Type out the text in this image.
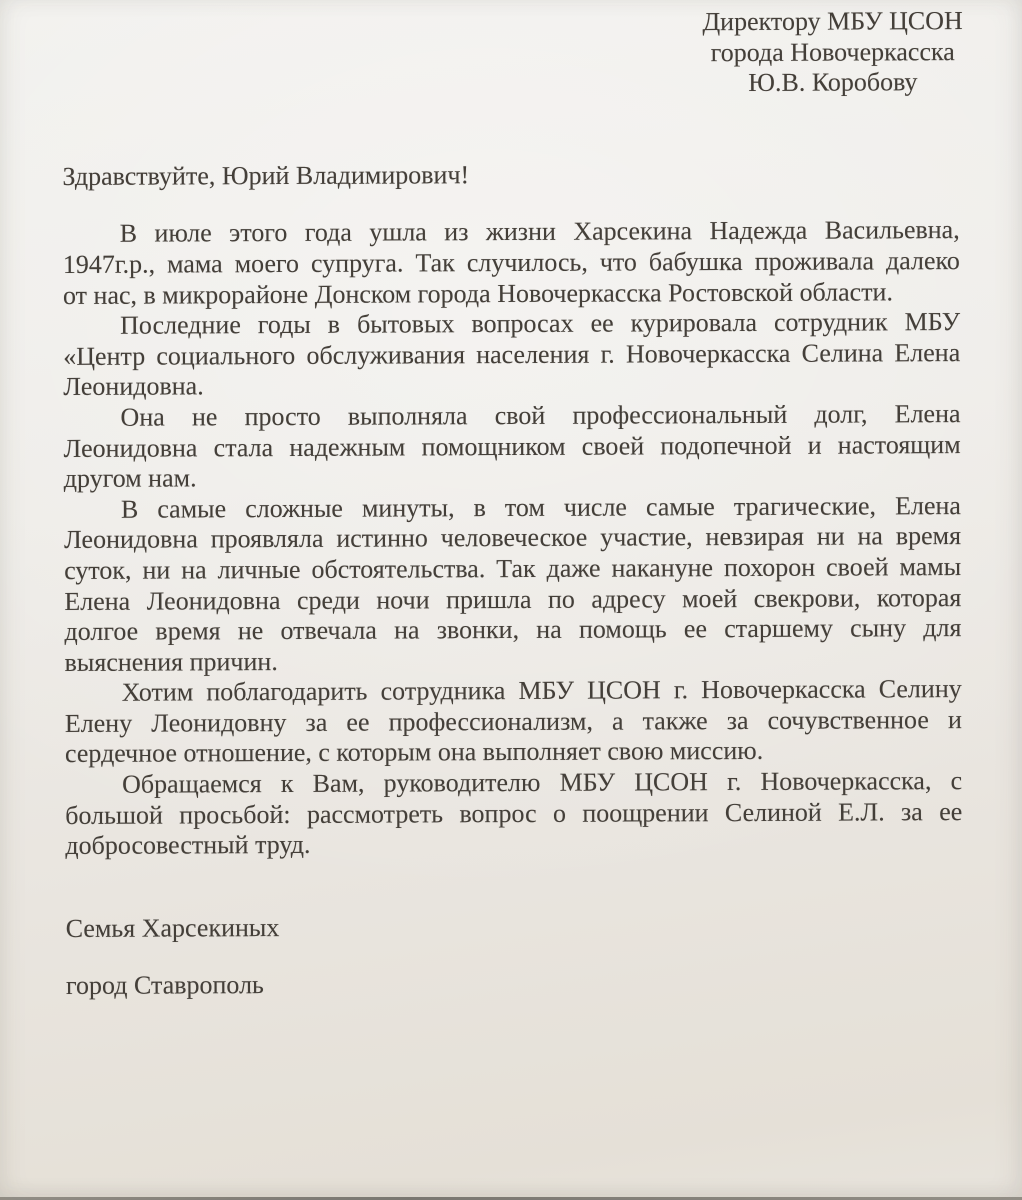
Директору МБУ ЦСОН
города Новочеркасска
Ю.В. Коробову
Здравствуйте, Юрий Владимирович!
В июле этого года ушла из жизни Харсекина Надежда Васильевна,
1947г.р., мама моего супруга. Так случилось, что бабушка проживала далеко
от нас, в микрорайоне Донском города Новочеркасска Ростовской области.
Последние годы в бытовых вопросах ее курировала сотрудник МБУ
«Центр социального обслуживания населения г. Новочеркасска Селина Елена
Леонидовна.
Она не просто выполняла свой профессиональный долг, Елена
Леонидовна стала надежным помощником своей подопечной и настоящим
другом нам.
В самые сложные минуты, в том числе самые трагические, Елена
Леонидовна проявляла истинно человеческое участие, невзирая ни на время
суток, ни на личные обстоятельства. Так даже накануне похорон своей мамы
Елена Леонидовна среди ночи пришла по адресу моей свекрови, которая
долгое время не отвечала на звонки, на помощь ее старшему сыну для
выяснения причин.
Хотим поблагодарить сотрудника МБУ ЦСОН г. Новочеркасска Селину
Елену Леонидовну за ее профессионализм, а также за сочувственное и
сердечное отношение, с которым она выполняет свою миссию.
Обращаемся к Вам, руководителю МБУ ЦСОН г. Новочеркасска, с
большой просьбой: рассмотреть вопрос о поощрении Селиной Е.Л. за ее
добросовестный труд.
Семья Харсекиных
город Ставрополь
